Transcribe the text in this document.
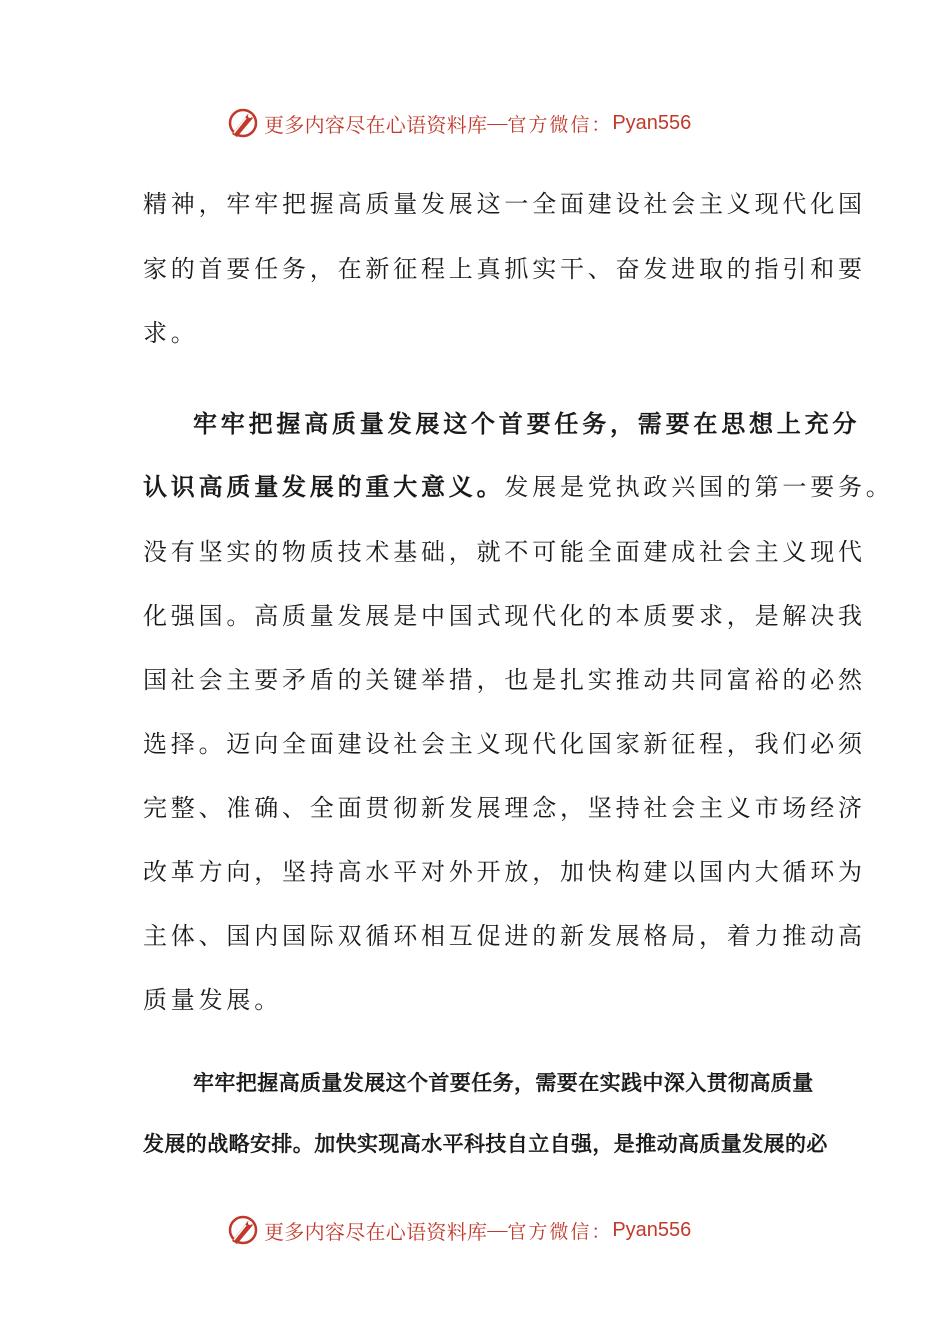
更多内容尽在心语资料库 — 官方微信： Pyan556
精神，牢牢把握高质量发展这一全面建设社会主义现代化国
家的首要任务，在新征程上真抓实干、奋发进取的指引和要
求。
牢牢把握高质量发展这个首要任务，需要在思想上充分
认识高质量发展的重大意义。发展是党执政兴国的第一要务。
没有坚实的物质技术基础，就不可能全面建成社会主义现代
化强国。高质量发展是中国式现代化的本质要求，是解决我
国社会主要矛盾的关键举措，也是扎实推动共同富裕的必然
选择。迈向全面建设社会主义现代化国家新征程，我们必须
完整、准确、全面贯彻新发展理念，坚持社会主义市场经济
改革方向，坚持高水平对外开放，加快构建以国内大循环为
主体、国内国际双循环相互促进的新发展格局，着力推动高
质量发展。
牢牢把握高质量发展这个首要任务，需要在实践中深入贯彻高质量
发展的战略安排。加快实现高水平科技自立自强，是推动高质量发展的必
更多内容尽在心语资料库 — 官方微信： Pyan556
